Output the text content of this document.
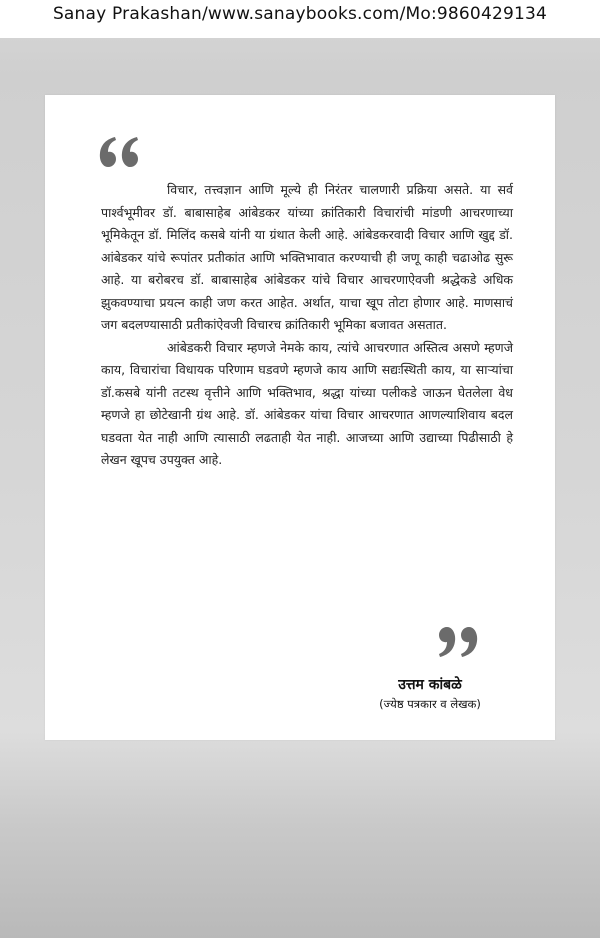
Sanay Prakashan/www.sanaybooks.com/Mo:9860429134

विचार, तत्त्वज्ञान आणि मूल्ये ही निरंतर चालणारी प्रक्रिया असते. या सर्व पार्श्वभूमीवर डॉ. बाबासाहेब आंबेडकर यांच्या क्रांतिकारी विचारांची मांडणी आचरणाच्या भूमिकेतून डॉ. मिलिंद कसबे यांनी या ग्रंथात केली आहे. आंबेडकरवादी विचार आणि खुद्द डॉ. आंबेडकर यांचे रूपांतर प्रतीकांत आणि भक्तिभावात करण्याची ही जणू काही चढाओढ सुरू आहे. या बरोबरच डॉ. बाबासाहेब आंबेडकर यांचे विचार आचरणाऐवजी श्रद्धेकडे अधिक झुकवण्याचा प्रयत्न काही जण करत आहेत. अर्थात, याचा खूप तोटा होणार आहे. माणसाचं जग बदलण्यासाठी प्रतीकांऐवजी विचारच क्रांतिकारी भूमिका बजावत असतात.

आंबेडकरी विचार म्हणजे नेमके काय, त्यांचे आचरणात अस्तित्व असणे म्हणजे काय, विचारांचा विधायक परिणाम घडवणे म्हणजे काय आणि सद्यःस्थिती काय, या साऱ्यांचा डॉ.कसबे यांनी तटस्थ वृत्तीने आणि भक्तिभाव, श्रद्धा यांच्या पलीकडे जाऊन घेतलेला वेध म्हणजे हा छोटेखानी ग्रंथ आहे. डॉ. आंबेडकर यांचा विचार आचरणात आणल्याशिवाय बदल घडवता येत नाही आणि त्यासाठी लढताही येत नाही. आजच्या आणि उद्याच्या पिढीसाठी हे लेखन खूपच उपयुक्त आहे.

उत्तम कांबळे
(ज्येष्ठ पत्रकार व लेखक)
